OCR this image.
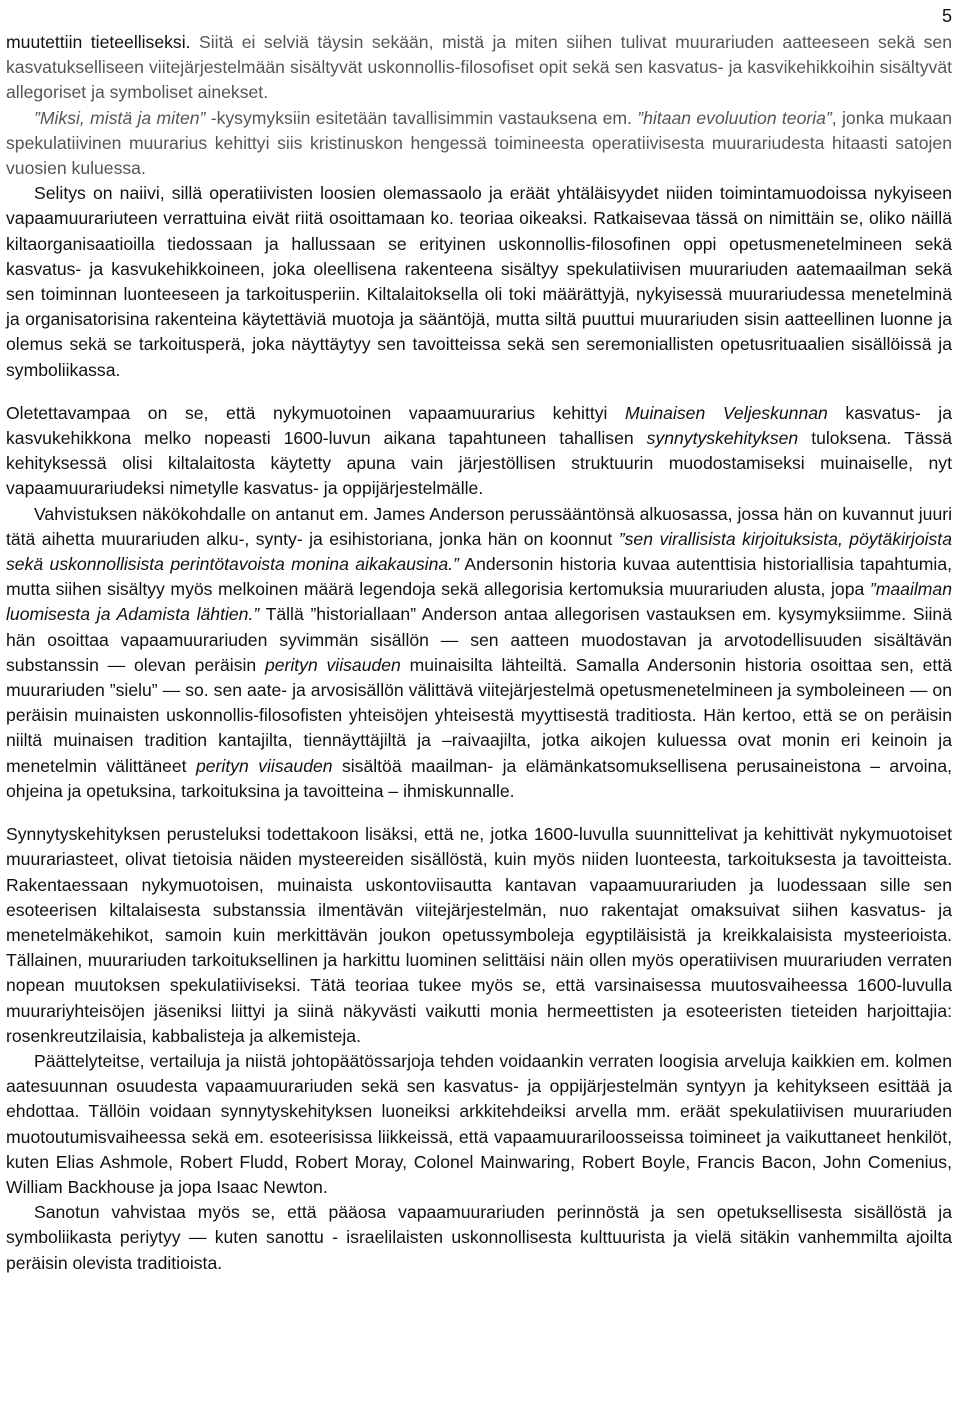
5

muutettiin tieteelliseksi. Siitä ei selviä täysin sekään, mistä ja miten siihen tulivat muurariuden aatteeseen sekä sen kasvatukselliseen viitejärjestelmään sisältyvät uskonnollis-filosofiset opit sekä sen kasvatus- ja kasvikehikkoihin sisältyvät allegoriset ja symboliset ainekset.

”Miksi, mistä ja miten” -kysymyksiin esitetään tavallisimmin vastauksena em. ”hitaan evoluution teoria”, jonka mukaan spekulatiivinen muurarius kehittyi siis kristinuskon hengessä toimineesta operatiivisesta muurariudesta hitaasti satojen vuosien kuluessa.

Selitys on naiivi, sillä operatiivisten loosien olemassaolo ja eräät yhtäläisyydet niiden toimintamuodoissa nykyiseen vapaamuurariuteen verrattuina eivät riitä osoittamaan ko. teoriaa oikeaksi. Ratkaisevaa tässä on nimittäin se, oliko näillä kiltaorganisaatioilla tiedossaan ja hallussaan se erityinen uskonnollis-filosofinen oppi opetusmenetelmineen sekä kasvatus- ja kasvukehikkoineen, joka oleellisena rakenteena sisältyy spekulatiivisen muurariuden aatemaailman sekä sen toiminnan luonteeseen ja tarkoitusperiin. Kiltalaitoksella oli toki määrättyjä, nykyisessä muurariudessa menetelminä ja organisatorisina rakenteina käytettäviä muotoja ja sääntöjä, mutta siltä puuttui muurariuden sisin aatteellinen luonne ja olemus sekä se tarkoitusperä, joka näyttäytyy sen tavoitteissa sekä sen seremoniallisten opetusrituaalien sisällöissä ja symboliikassa.

Oletettavampaa on se, että nykymuotoinen vapaamuurarius kehittyi Muinaisen Veljeskunnan kasvatus- ja kasvukehikkona melko nopeasti 1600-luvun aikana tapahtuneen tahallisen synnytyskehityksen tuloksena. Tässä kehityksessä olisi kiltalaitosta käytetty apuna vain järjestöllisen struktuurin muodostamiseksi muinaiselle, nyt vapaamuurariudeksi nimetylle kasvatus- ja oppijärjestelmälle.

Vahvistuksen näkökohdalle on antanut em. James Anderson perussääntönsä alkuosassa, jossa hän on kuvannut juuri tätä aihetta muurariuden alku-, synty- ja esihistoriana, jonka hän on koonnut ”sen virallisista kirjoituksista, pöytäkirjoista sekä uskonnollisista perintötavoista monina aikakausina.” Andersonin historia kuvaa autenttisia historiallisia tapahtumia, mutta siihen sisältyy myös melkoinen määrä legendoja sekä allegorisia kertomuksia muurariuden alusta, jopa ”maailman luomisesta ja Adamista lähtien.” Tällä ”historiallaan” Anderson antaa allegorisen vastauksen em. kysymyksiimme. Siinä hän osoittaa vapaamuurariuden syvimmän sisällön — sen aatteen muodostavan ja arvotodellisuuden sisältävän substanssin — olevan peräisin perityn viisauden muinaisilta lähteiltä. Samalla Andersonin historia osoittaa sen, että muurariuden ”sielu” — so. sen aate- ja arvosisällön välittävä viitejärjestelmä opetusmenetelmineen ja symboleineen — on peräisin muinaisten uskonnollis-filosofisten yhteisöjen yhteisestä myyttisestä traditiosta. Hän kertoo, että se on peräisin niiltä muinaisen tradition kantajilta, tiennäyttäjiltä ja –raivaajilta, jotka aikojen kuluessa ovat monin eri keinoin ja menetelmin välittäneet perityn viisauden sisältöä maailman- ja elämänkatsomuksellisena perusaineistona – arvoina, ohjeina ja opetuksina, tarkoituksina ja tavoitteina – ihmiskunnalle.

Synnytyskehityksen perusteluksi todettakoon lisäksi, että ne, jotka 1600-luvulla suunnittelivat ja kehittivät nykymuotoiset muurariasteet, olivat tietoisia näiden mysteereiden sisällöstä, kuin myös niiden luonteesta, tarkoituksesta ja tavoitteista. Rakentaessaan nykymuotoisen, muinaista uskontoviisautta kantavan vapaamuurariuden ja luodessaan sille sen esoteerisen kiltalaisesta substanssia ilmentävän viitejärjestelmän, nuo rakentajat omaksuivat siihen kasvatus- ja menetelmäkehikot, samoin kuin merkittävän joukon opetussymboleja egyptiläisistä ja kreikkalaisista mysteerioista. Tällainen, muurariuden tarkoituksellinen ja harkittu luominen selittäisi näin ollen myös operatiivisen muurariuden verraten nopean muutoksen spekulatiiviseksi. Tätä teoriaa tukee myös se, että varsinaisessa muutosvaiheessa 1600-luvulla muurariyhteisöjen jäseniksi liittyi ja siinä näkyvästi vaikutti monia hermeettisten ja esoteeristen tieteiden harjoittajia: rosenkreutzilaisia, kabbalisteja ja alkemisteja.

Päättelyteitse, vertailuja ja niistä johtopäätössarjoja tehden voidaankin verraten loogisia arveluja kaikkien em. kolmen aatesuunnan osuudesta vapaamuurariuden sekä sen kasvatus- ja oppijärjestelmän syntyyn ja kehitykseen esittää ja ehdottaa. Tällöin voidaan synnytyskehityksen luoneiksi arkkitehdeiksi arvella mm. eräät spekulatiivisen muurariuden muotoutumisvaiheessa sekä em. esoteerisissa liikkeissä, että vapaamuurariloosseissa toimineet ja vaikuttaneet henkilöt, kuten Elias Ashmole, Robert Fludd, Robert Moray, Colonel Mainwaring, Robert Boyle, Francis Bacon, John Comenius, William Backhouse ja jopa Isaac Newton.

Sanotun vahvistaa myös se, että pääosa vapaamuurariuden perinnöstä ja sen opetuksellisesta sisällöstä ja symboliikasta periytyy — kuten sanottu - israelilaisten uskonnollisesta kulttuurista ja vielä sitäkin vanhemmilta ajoilta peräisin olevista traditioista.
